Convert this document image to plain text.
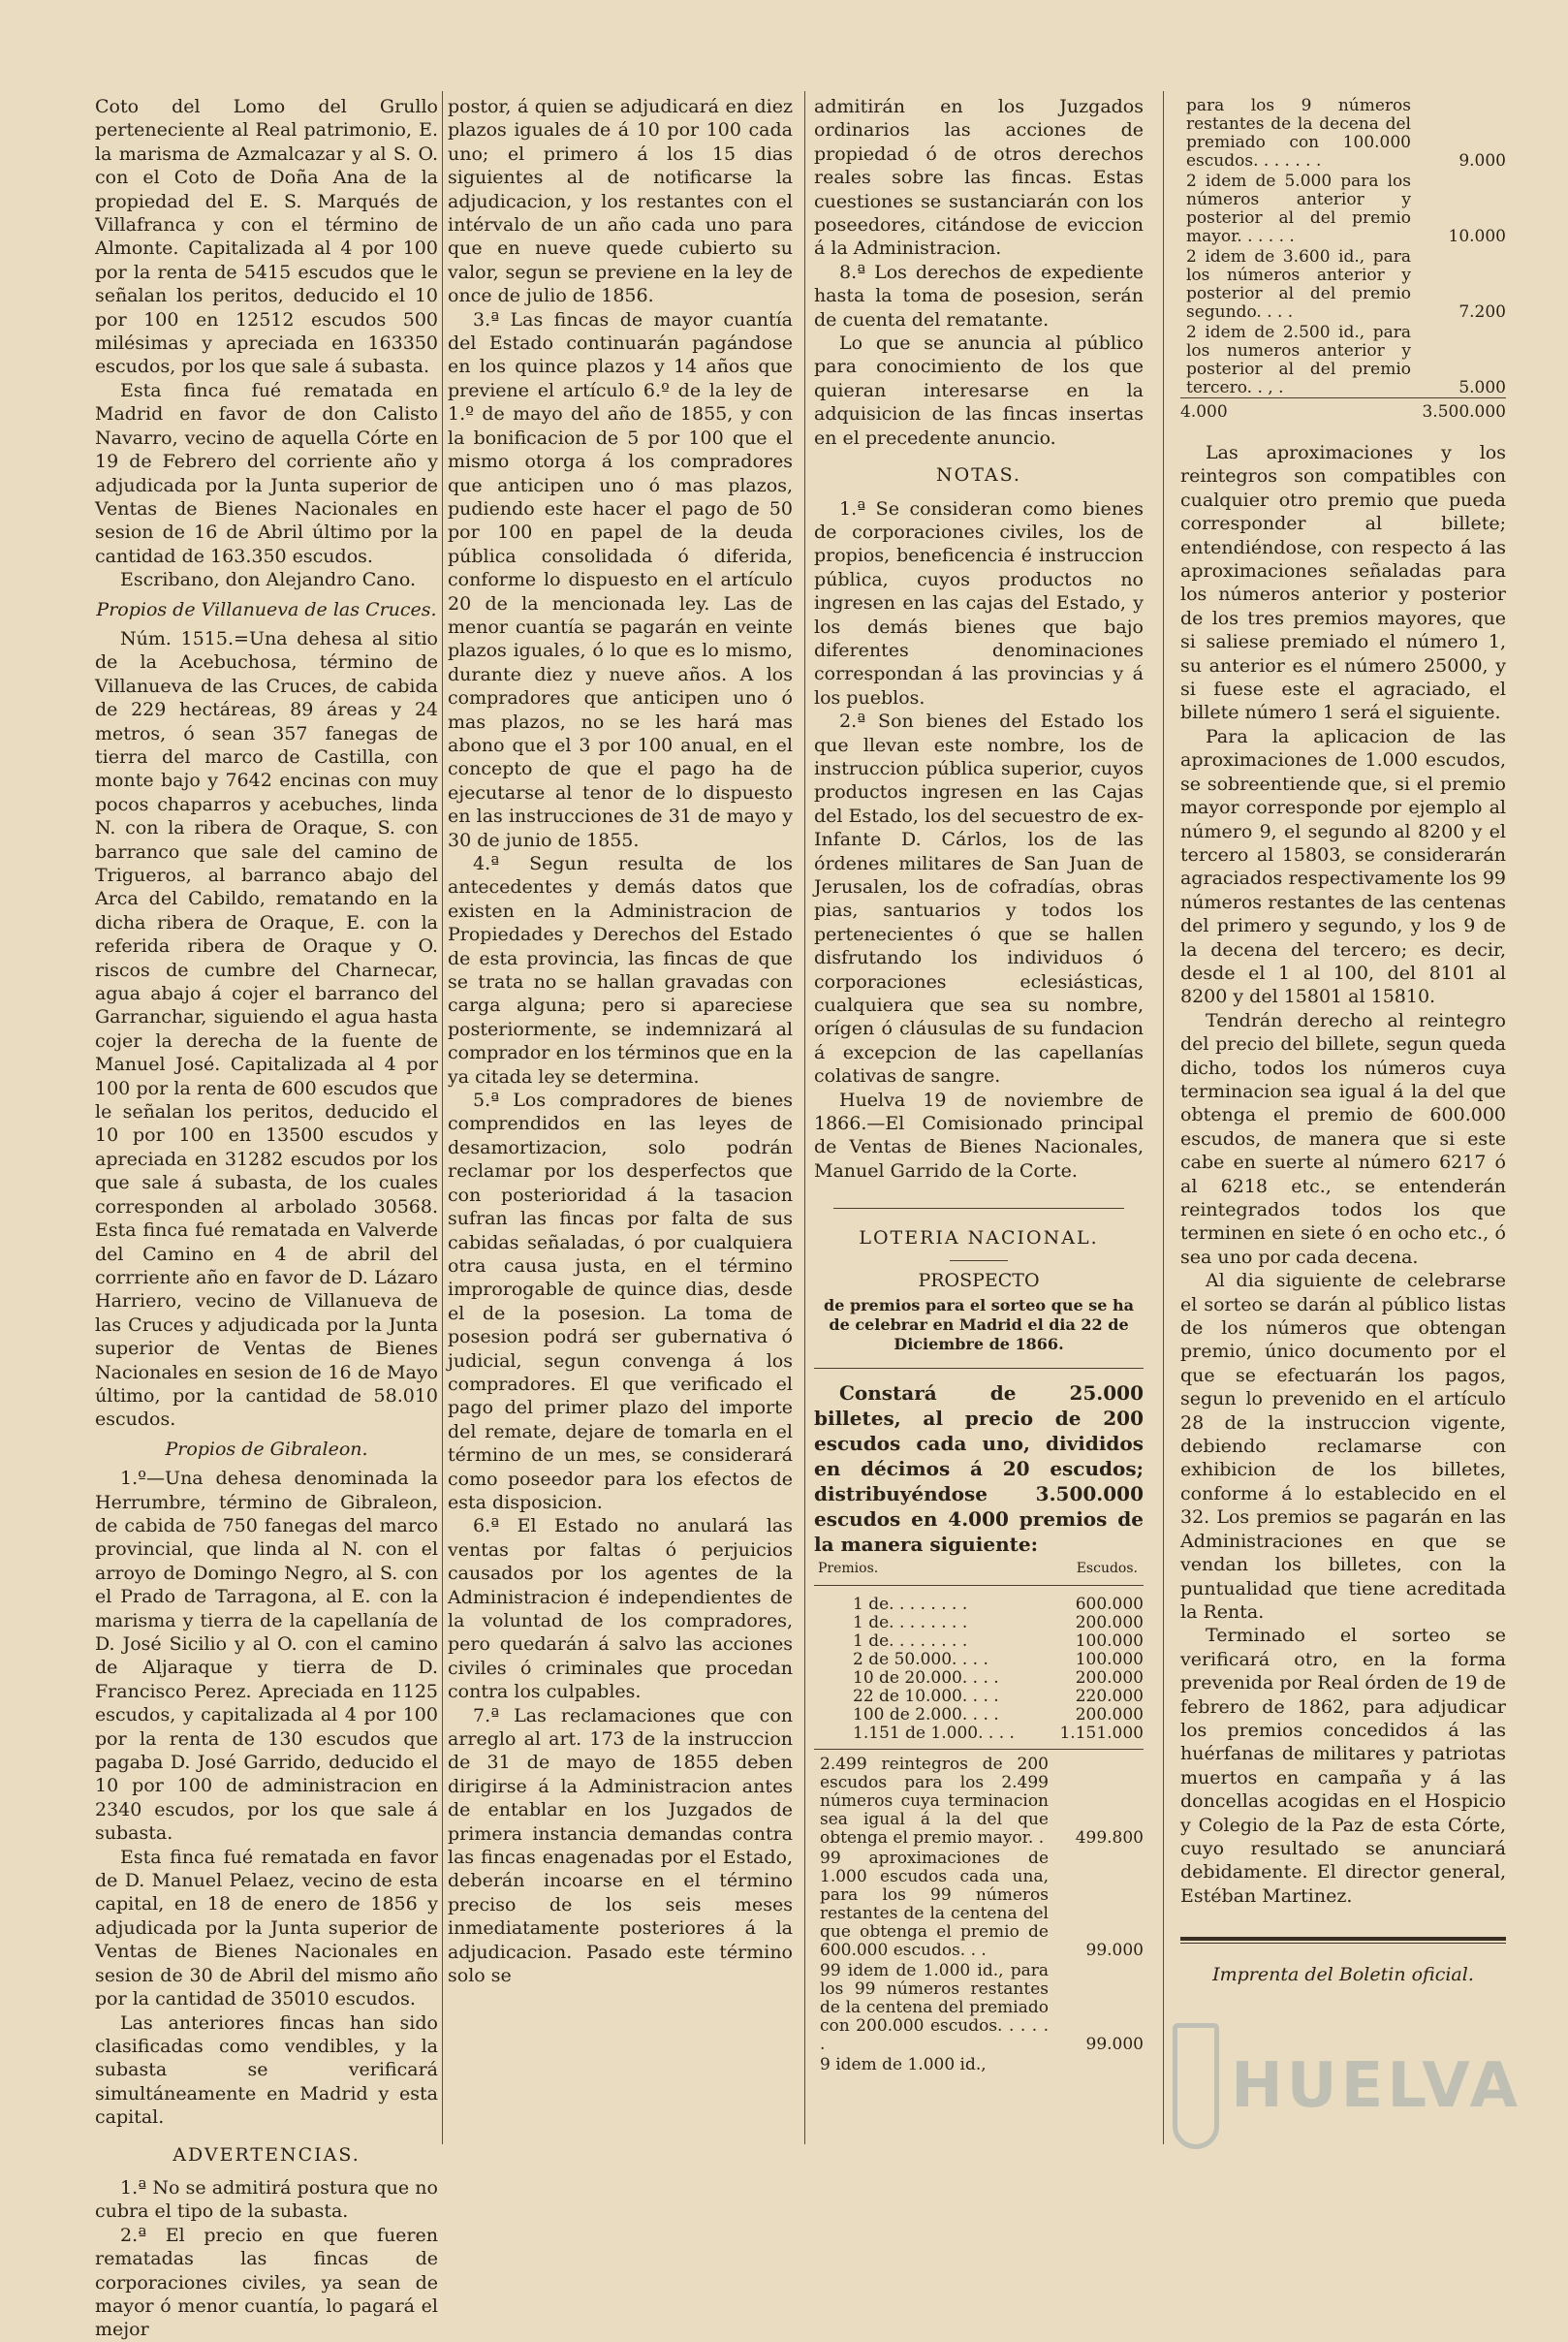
Coto del Lomo del Grullo perteneciente al Real patrimonio, E. la marisma de Azmalcazar y al S. O. con el Coto de Doña Ana de la propiedad del E. S. Marqués de Villafranca y con el término de Almonte. Capitalizada al 4 por 100 por la renta de 5415 escudos que le señalan los peritos, deducido el 10 por 100 en 12512 escudos 500 milésimas y apreciada en 163350 escudos, por los que sale á subasta.

Esta finca fué rematada en Madrid en favor de don Calisto Navarro, vecino de aquella Córte en 19 de Febrero del corriente año y adjudicada por la Junta superior de Ventas de Bienes Nacionales en sesion de 16 de Abril último por la cantidad de 163.350 escudos.

Escribano, don Alejandro Cano.

Propios de Villanueva de las Cruces.

Núm. 1515.=Una dehesa al sitio de la Acebuchosa, término de Villanueva de las Cruces, de cabida de 229 hectáreas, 89 áreas y 24 metros, ó sean 357 fanegas de tierra del marco de Castilla, con monte bajo y 7642 encinas con muy pocos chaparros y acebuches, linda N. con la ribera de Oraque, S. con barranco que sale del camino de Trigueros, al barranco abajo del Arca del Cabildo, rematando en la dicha ribera de Oraque, E. con la referida ribera de Oraque y O. riscos de cumbre del Charnecar, agua abajo á cojer el barranco del Garranchar, siguiendo el agua hasta cojer la derecha de la fuente de Manuel José. Capitalizada al 4 por 100 por la renta de 600 escudos que le señalan los peritos, deducido el 10 por 100 en 13500 escudos y apreciada en 31282 escudos por los que sale á subasta, de los cuales corresponden al arbolado 30568. Esta finca fué rematada en Valverde del Camino en 4 de abril del corrriente año en favor de D. Lázaro Harriero, vecino de Villanueva de las Cruces y adjudicada por la Junta superior de Ventas de Bienes Nacionales en sesion de 16 de Mayo último, por la cantidad de 58.010 escudos.

Propios de Gibraleon.

1.º—Una dehesa denominada la Herrumbre, término de Gibraleon, de cabida de 750 fanegas del marco provincial, que linda al N. con el arroyo de Domingo Negro, al S. con el Prado de Tarragona, al E. con la marisma y tierra de la capellanía de D. José Sicilio y al O. con el camino de Aljaraque y tierra de D. Francisco Perez. Apreciada en 1125 escudos, y capitalizada al 4 por 100 por la renta de 130 escudos que pagaba D. José Garrido, deducido el 10 por 100 de administracion en 2340 escudos, por los que sale á subasta.

Esta finca fué rematada en favor de D. Manuel Pelaez, vecino de esta capital, en 18 de enero de 1856 y adjudicada por la Junta superior de Ventas de Bienes Nacionales en sesion de 30 de Abril del mismo año por la cantidad de 35010 escudos.

Las anteriores fincas han sido clasificadas como vendibles, y la subasta se verificará simultáneamente en Madrid y esta capital.

ADVERTENCIAS.

1.ª No se admitirá postura que no cubra el tipo de la subasta.

2.ª El precio en que fueren rematadas las fincas de corporaciones civiles, ya sean de mayor ó menor cuantía, lo pagará el mejor

postor, á quien se adjudicará en diez plazos iguales de á 10 por 100 cada uno; el primero á los 15 dias siguientes al de notificarse la adjudicacion, y los restantes con el intérvalo de un año cada uno para que en nueve quede cubierto su valor, segun se previene en la ley de once de julio de 1856.

3.ª Las fincas de mayor cuantía del Estado continuarán pagándose en los quince plazos y 14 años que previene el artículo 6.º de la ley de 1.º de mayo del año de 1855, y con la bonificacion de 5 por 100 que el mismo otorga á los compradores que anticipen uno ó mas plazos, pudiendo este hacer el pago de 50 por 100 en papel de la deuda pública consolidada ó diferida, conforme lo dispuesto en el artículo 20 de la mencionada ley. Las de menor cuantía se pagarán en veinte plazos iguales, ó lo que es lo mismo, durante diez y nueve años. A los compradores que anticipen uno ó mas plazos, no se les hará mas abono que el 3 por 100 anual, en el concepto de que el pago ha de ejecutarse al tenor de lo dispuesto en las instrucciones de 31 de mayo y 30 de junio de 1855.

4.ª Segun resulta de los antecedentes y demás datos que existen en la Administracion de Propiedades y Derechos del Estado de esta provincia, las fincas de que se trata no se hallan gravadas con carga alguna; pero si apareciese posteriormente, se indemnizará al comprador en los términos que en la ya citada ley se determina.

5.ª Los compradores de bienes comprendidos en las leyes de desamortizacion, solo podrán reclamar por los desperfectos que con posterioridad á la tasacion sufran las fincas por falta de sus cabidas señaladas, ó por cualquiera otra causa justa, en el término improrogable de quince dias, desde el de la posesion. La toma de posesion podrá ser gubernativa ó judicial, segun convenga á los compradores. El que verificado el pago del primer plazo del importe del remate, dejare de tomarla en el término de un mes, se considerará como poseedor para los efectos de esta disposicion.

6.ª El Estado no anulará las ventas por faltas ó perjuicios causados por los agentes de la Administracion é independientes de la voluntad de los compradores, pero quedarán á salvo las acciones civiles ó criminales que procedan contra los culpables.

7.ª Las reclamaciones que con arreglo al art. 173 de la instruccion de 31 de mayo de 1855 deben dirigirse á la Administracion antes de entablar en los Juzgados de primera instancia demandas contra las fincas enagenadas por el Estado, deberán incoarse en el término preciso de los seis meses inmediatamente posteriores á la adjudicacion. Pasado este término solo se

admitirán en los Juzgados ordinarios las acciones de propiedad ó de otros derechos reales sobre las fincas. Estas cuestiones se sustanciarán con los poseedores, citándose de eviccion á la Administracion.

8.ª Los derechos de expediente hasta la toma de posesion, serán de cuenta del rematante.

Lo que se anuncia al público para conocimiento de los que quieran interesarse en la adquisicion de las fincas insertas en el precedente anuncio.

NOTAS.

1.ª Se consideran como bienes de corporaciones civiles, los de propios, beneficencia é instruccion pública, cuyos productos no ingresen en las cajas del Estado, y los demás bienes que bajo diferentes denominaciones correspondan á las provincias y á los pueblos.

2.ª Son bienes del Estado los que llevan este nombre, los de instruccion pública superior, cuyos productos ingresen en las Cajas del Estado, los del secuestro de ex-Infante D. Cárlos, los de las órdenes militares de San Juan de Jerusalen, los de cofradías, obras pias, santuarios y todos los pertenecientes ó que se hallen disfrutando los individuos ó corporaciones eclesiásticas, cualquiera que sea su nombre, orígen ó cláusulas de su fundacion á excepcion de las capellanías colativas de sangre.

Huelva 19 de noviembre de 1866.—El Comisionado principal de Ventas de Bienes Nacionales, Manuel Garrido de la Corte.

LOTERIA NACIONAL.
PROSPECTO
de premios para el sorteo que se ha de celebrar en Madrid el dia 22 de Diciembre de 1866.

Constará de 25.000 billetes, al precio de 200 escudos cada uno, divididos en décimos á 20 escudos; distribuyéndose 3.500.000 escudos en 4.000 premios de la manera siguiente:

Premios.	Escudos.
1 de. . . . . . . .	600.000
1 de. . . . . . . .	200.000
1 de. . . . . . . .	100.000
2 de 50.000. . . .	100.000
10 de 20.000. . . .	200.000
22 de 10.000. . . .	220.000
100 de 2.000. . . .	200.000
1.151 de 1.000. . . .	1.151.000
2.499 reintegros de 200 escudos para los 2.499 números cuya terminacion sea igual á la del que obtenga el premio mayor. .	499.800
99 aproximaciones de 1.000 escudos cada una, para los 99 números restantes de la centena del que obtenga el premio de 600.000 escudos. . .	99.000
99 idem de 1.000 id., para los 99 números restantes de la centena del premiado con 200.000 escudos. . . . . .	99.000
9 idem de 1.000 id.,
para los 9 números restantes de la decena del premiado con 100.000 escudos. . . . . . .	9.000
2 idem de 5.000 para los números anterior y posterior al del premio mayor. . . . . .	10.000
2 idem de 3.600 id., para los números anterior y posterior al del premio segundo. . . .	7.200
2 idem de 2.500 id., para los numeros anterior y posterior al del premio tercero. . , .	5.000
4.000	3.500.000

Las aproximaciones y los reintegros son compatibles con cualquier otro premio que pueda corresponder al billete; entendiéndose, con respecto á las aproximaciones señaladas para los números anterior y posterior de los tres premios mayores, que si saliese premiado el número 1, su anterior es el número 25000, y si fuese este el agraciado, el billete número 1 será el siguiente.

Para la aplicacion de las aproximaciones de 1.000 escudos, se sobreentiende que, si el premio mayor corresponde por ejemplo al número 9, el segundo al 8200 y el tercero al 15803, se considerarán agraciados respectivamente los 99 números restantes de las centenas del primero y segundo, y los 9 de la decena del tercero; es decir, desde el 1 al 100, del 8101 al 8200 y del 15801 al 15810.

Tendrán derecho al reintegro del precio del billete, segun queda dicho, todos los números cuya terminacion sea igual á la del que obtenga el premio de 600.000 escudos, de manera que si este cabe en suerte al número 6217 ó al 6218 etc., se entenderán reintegrados todos los que terminen en siete ó en ocho etc., ó sea uno por cada decena.

Al dia siguiente de celebrarse el sorteo se darán al público listas de los números que obtengan premio, único documento por el que se efectuarán los pagos, segun lo prevenido en el artículo 28 de la instruccion vigente, debiendo reclamarse con exhibicion de los billetes, conforme á lo establecido en el 32. Los premios se pagarán en las Administraciones en que se vendan los billetes, con la puntualidad que tiene acreditada la Renta.

Terminado el sorteo se verificará otro, en la forma prevenida por Real órden de 19 de febrero de 1862, para adjudicar los premios concedidos á las huérfanas de militares y patriotas muertos en campaña y á las doncellas acogidas en el Hospicio y Colegio de la Paz de esta Córte, cuyo resultado se anunciará debidamente. El director general, Estéban Martinez.

Imprenta del Boletin oficial.
HUELVA
